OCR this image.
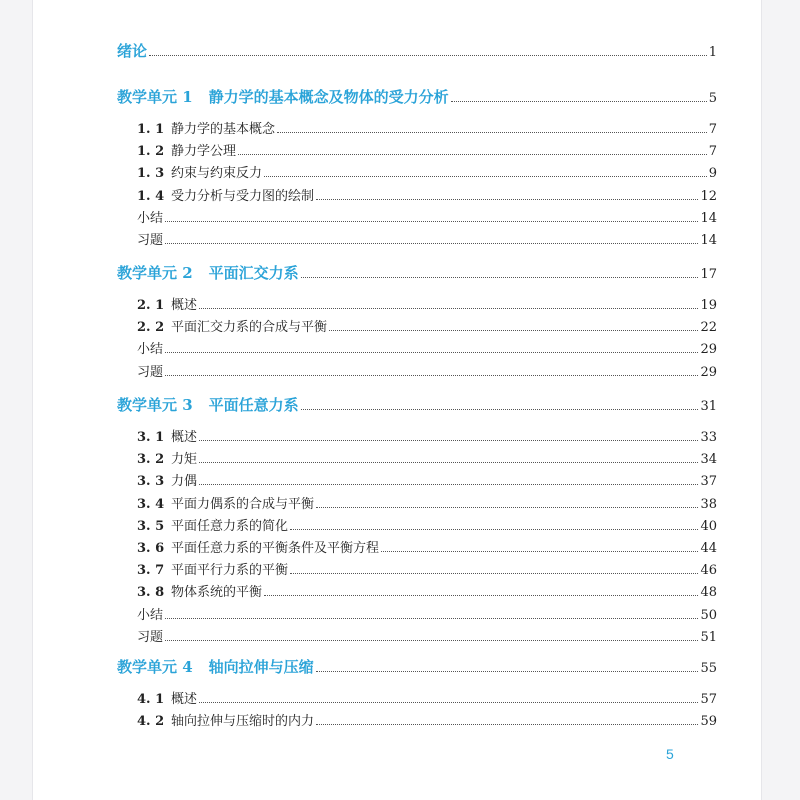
绪论	1
教学单元 1 静力学的基本概念及物体的受力分析	5
1. 1 静力学的基本概念	7
1. 2 静力学公理	7
1. 3 约束与约束反力	9
1. 4 受力分析与受力图的绘制	12
小结	14
习题	14
教学单元 2 平面汇交力系	17
2. 1 概述	19
2. 2 平面汇交力系的合成与平衡	22
小结	29
习题	29
教学单元 3 平面任意力系	31
3. 1 概述	33
3. 2 力矩	34
3. 3 力偶	37
3. 4 平面力偶系的合成与平衡	38
3. 5 平面任意力系的简化	40
3. 6 平面任意力系的平衡条件及平衡方程	44
3. 7 平面平行力系的平衡	46
3. 8 物体系统的平衡	48
小结	50
习题	51
教学单元 4 轴向拉伸与压缩	55
4. 1 概述	57
4. 2 轴向拉伸与压缩时的内力	59
5
